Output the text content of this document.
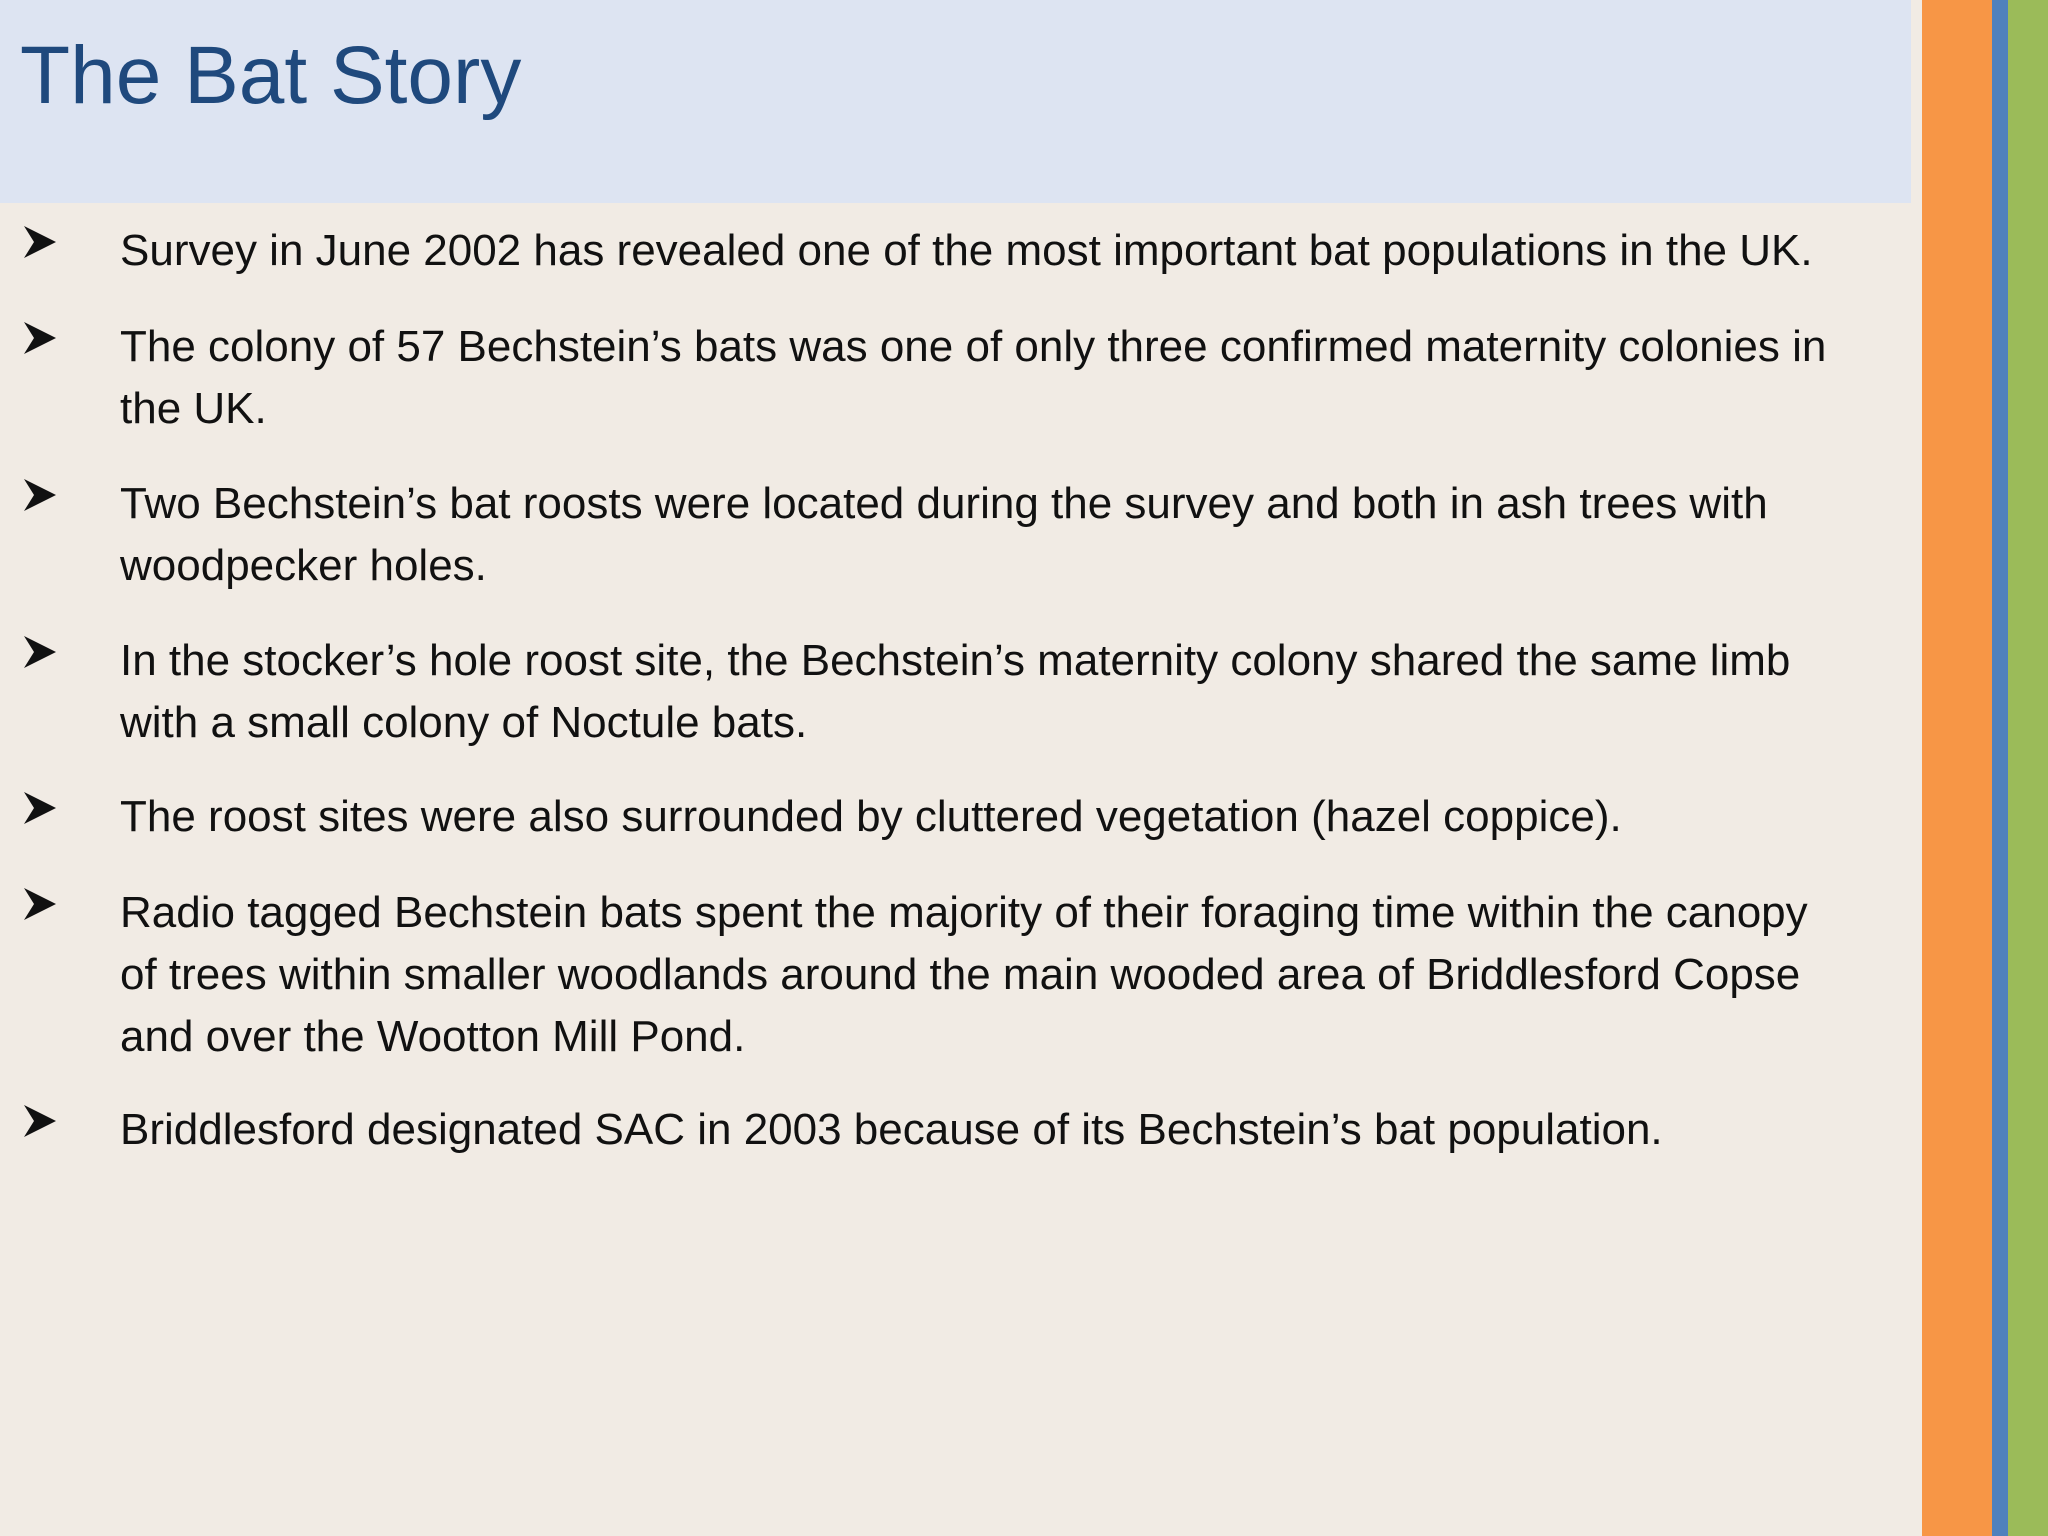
The Bat Story
Survey in June 2002 has revealed one of the most important bat populations in the UK.
The colony of 57 Bechstein’s bats was one of only three confirmed maternity colonies in
the UK.
Two Bechstein’s bat roosts were located during the survey and both in ash trees with
woodpecker holes.
In the stocker’s hole roost site, the Bechstein’s maternity colony shared the same limb
with a small colony of Noctule bats.
The roost sites were also surrounded by cluttered vegetation (hazel coppice).
Radio tagged Bechstein bats spent the majority of their foraging time within the canopy
of trees within smaller woodlands around the main wooded area of Briddlesford Copse
and over the Wootton Mill Pond.
Briddlesford designated SAC in 2003 because of its Bechstein’s bat population.
